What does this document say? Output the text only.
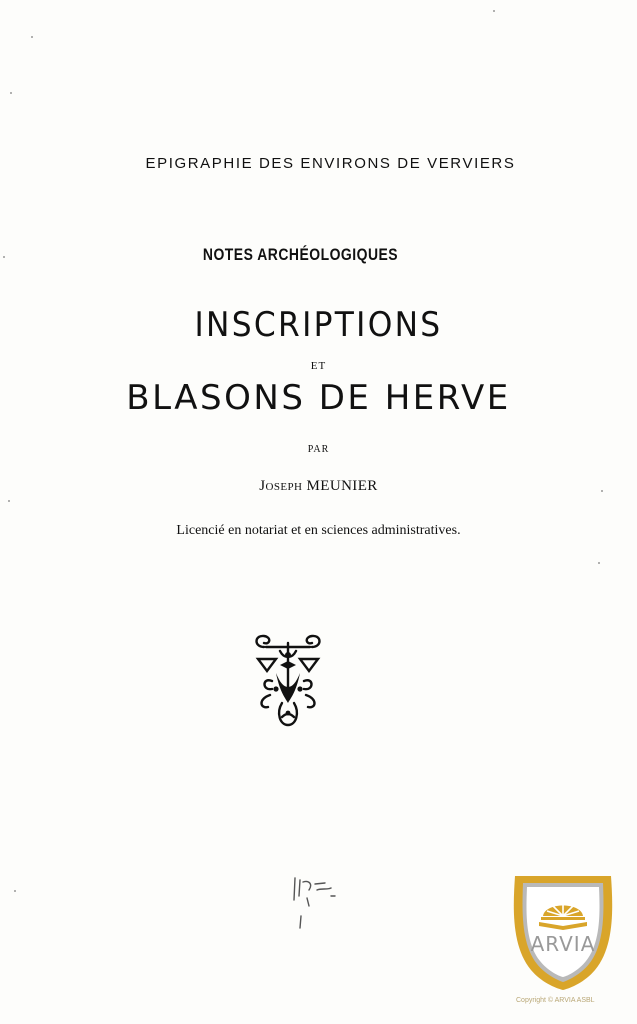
EPIGRAPHIE DES ENVIRONS DE VERVIERS
NOTES ARCHÉOLOGIQUES
INSCRIPTIONS
ET
BLASONS DE HERVE
PAR
Joseph MEUNIER
Licencié en notariat et en sciences administratives.
ARVIA
Copyright © ARVIA ASBL
